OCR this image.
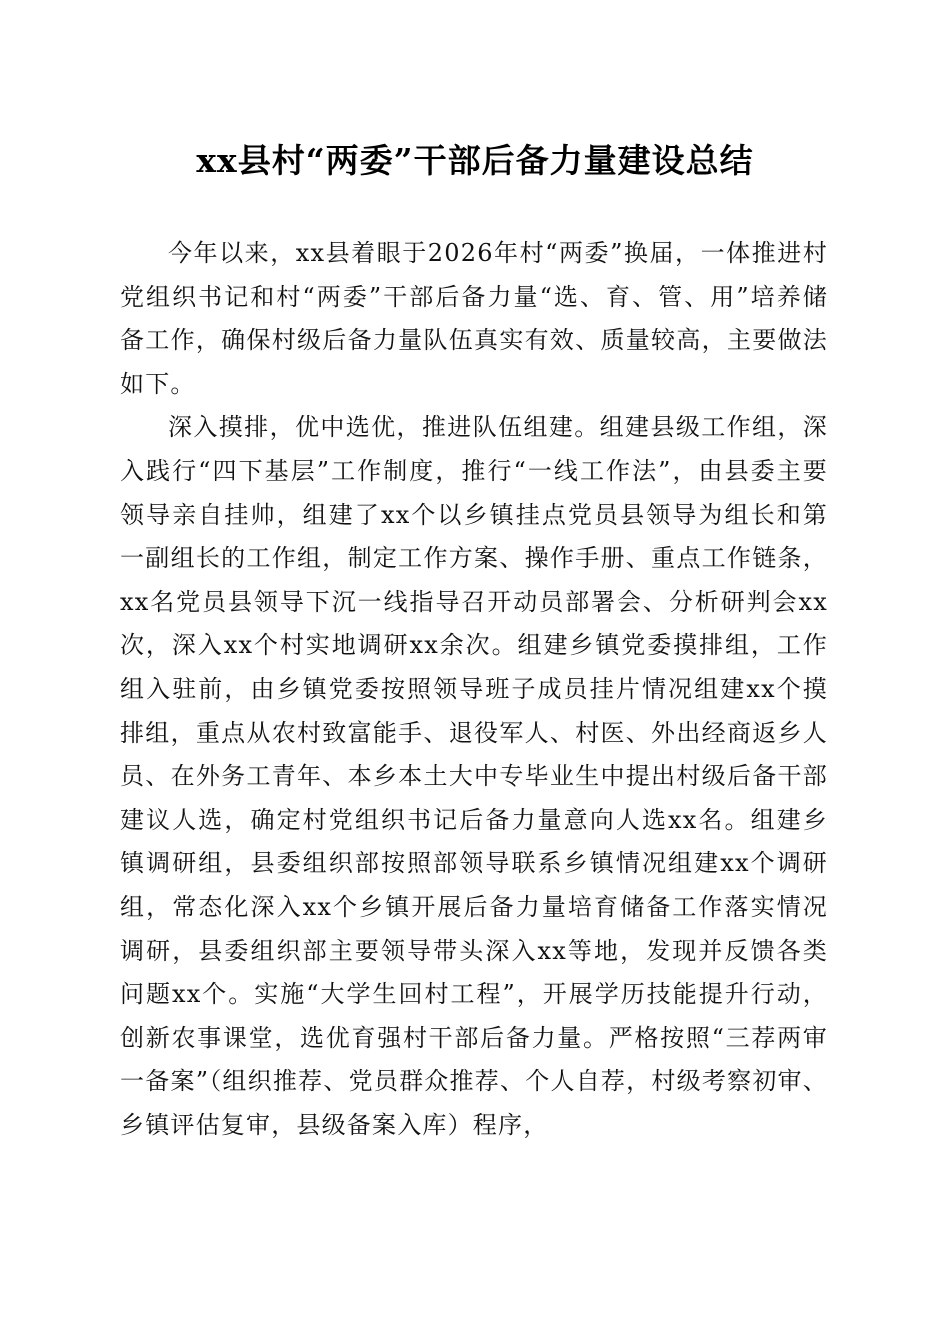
xx县村“两委”干部后备力量建设总结

今年以来，xx县着眼于2026年村“两委”换届，一体推进村党组织书记和村“两委”干部后备力量“选、育、管、用”培养储备工作，确保村级后备力量队伍真实有效、质量较高，主要做法如下。

深入摸排，优中选优，推进队伍组建。组建县级工作组，深入践行“四下基层”工作制度，推行“一线工作法”，由县委主要领导亲自挂帅，组建了xx个以乡镇挂点党员县领导为组长和第一副组长的工作组，制定工作方案、操作手册、重点工作链条，xx名党员县领导下沉一线指导召开动员部署会、分析研判会xx次，深入xx个村实地调研xx余次。组建乡镇党委摸排组，工作组入驻前，由乡镇党委按照领导班子成员挂片情况组建xx个摸排组，重点从农村致富能手、退役军人、村医、外出经商返乡人员、在外务工青年、本乡本土大中专毕业生中提出村级后备干部建议人选，确定村党组织书记后备力量意向人选xx名。组建乡镇调研组，县委组织部按照部领导联系乡镇情况组建xx个调研组，常态化深入xx个乡镇开展后备力量培育储备工作落实情况调研，县委组织部主要领导带头深入xx等地，发现并反馈各类问题xx个。实施“大学生回村工程”，开展学历技能提升行动，创新农事课堂，选优育强村干部后备力量。严格按照“三荐两审一备案”（组织推荐、党员群众推荐、个人自荐，村级考察初审、乡镇评估复审，县级备案入库）程序，
